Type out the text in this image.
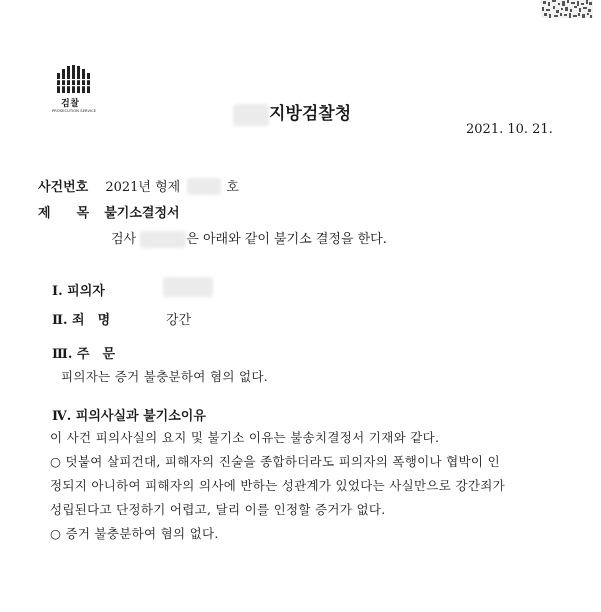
검찰
PROSECUTION SERVICE	지방검찰청
2021. 10. 21.
사건번호 2021년 형제	호
제　　목 불기소결정서
검사	은 아래와 같이 불기소 결정을 한다.
Ⅰ. 피의자
Ⅱ. 죄　명	강간
Ⅲ. 주　문
피의자는 증거 불충분하여 혐의 없다.
Ⅳ. 피의사실과 불기소이유
이 사건 피의사실의 요지 및 불기소 이유는 불송치결정서 기재와 같다.
○ 덧붙여 살피건대, 피해자의 진술을 종합하더라도 피의자의 폭행이나 협박이 인
정되지 아니하여 피해자의 의사에 반하는 성관계가 있었다는 사실만으로 강간죄가
성립된다고 단정하기 어렵고, 달리 이를 인정할 증거가 없다.
○ 증거 불충분하여 혐의 없다.
